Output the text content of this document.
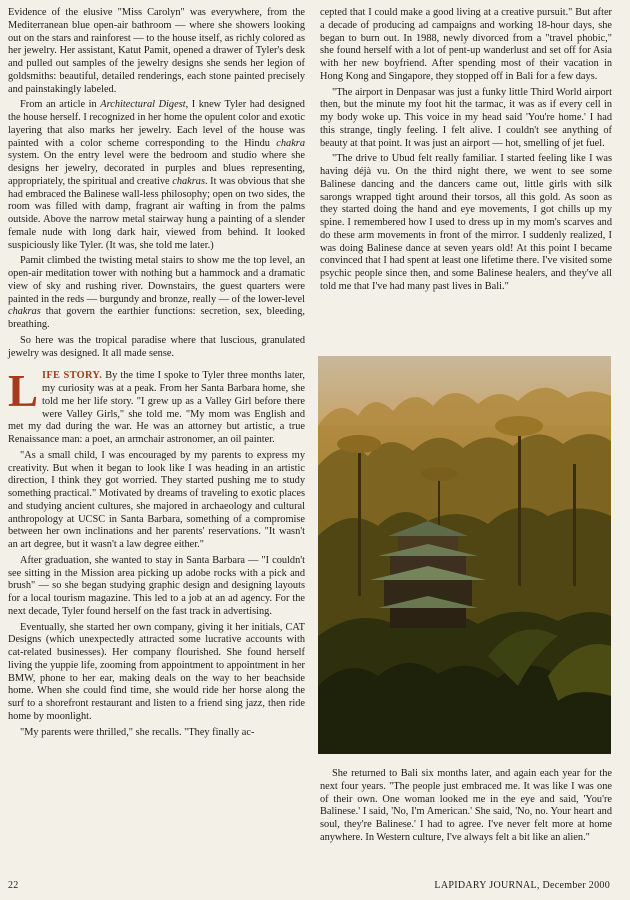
Evidence of the elusive "Miss Carolyn" was everywhere, from the Mediterranean blue open-air bathroom — where she showers looking out on the stars and rainforest — to the house itself, as richly colored as her jewelry. Her assistant, Katut Pamit, opened a drawer of Tyler's desk and pulled out samples of the jewelry designs she sends her legion of goldsmiths: beautiful, detailed renderings, each stone painted precisely and painstakingly labeled.

From an article in Architectural Digest, I knew Tyler had designed the house herself. I recognized in her home the opulent color and exotic layering that also marks her jewelry. Each level of the house was painted with a color scheme corresponding to the Hindu chakra system. On the entry level were the bedroom and studio where she designs her jewelry, decorated in purples and blues representing, appropriately, the spiritual and creative chakras. It was obvious that she had embraced the Balinese wall-less philosophy; open on two sides, the room was filled with damp, fragrant air wafting in from the palms outside. Above the narrow metal stairway hung a painting of a slender female nude with long dark hair, viewed from behind. It looked suspiciously like Tyler. (It was, she told me later.)

Pamit climbed the twisting metal stairs to show me the top level, an open-air meditation tower with nothing but a hammock and a dramatic view of sky and rushing river. Downstairs, the guest quarters were painted in the reds — burgundy and bronze, really — of the lower-level chakras that govern the earthier functions: secretion, sex, bleeding, breathing.

So here was the tropical paradise where that luscious, granulated jewelry was designed. It all made sense.

LIFE STORY. By the time I spoke to Tyler three months later, my curiosity was at a peak. From her Santa Barbara home, she told me her life story. "I grew up as a Valley Girl before there were Valley Girls," she told me. "My mom was English and met my dad during the war. He was an attorney but artistic, a true Renaissance man: a poet, an armchair astronomer, an oil painter.

"As a small child, I was encouraged by my parents to express my creativity. But when it began to look like I was heading in an artistic direction, I think they got worried. They started pushing me to study something practical." Motivated by dreams of traveling to exotic places and studying ancient cultures, she majored in archaeology and cultural anthropology at UCSC in Santa Barbara, something of a compromise between her own inclinations and her parents' reservations. "It wasn't an art degree, but it wasn't a law degree either."

After graduation, she wanted to stay in Santa Barbara — "I couldn't see sitting in the Mission area picking up adobe rocks with a pick and brush" — so she began studying graphic design and designing layouts for a local tourism magazine. This led to a job at an ad agency. For the next decade, Tyler found herself on the fast track in advertising.

Eventually, she started her own company, giving it her initials, CAT Designs (which unexpectedly attracted some lucrative accounts with cat-related businesses). Her company flourished. She found herself living the yuppie life, zooming from appointment to appointment in her BMW, phone to her ear, making deals on the way to her beachside home. When she could find time, she would ride her horse along the surf to a shorefront restaurant and listen to a friend sing jazz, then ride home by moonlight.

"My parents were thrilled," she recalls. "They finally ac-

cepted that I could make a good living at a creative pursuit." But after a decade of producing ad campaigns and working 18-hour days, she began to burn out. In 1988, newly divorced from a "travel phobic," she found herself with a lot of pent-up wanderlust and set off for Asia with her new boyfriend. After spending most of their vacation in Hong Kong and Singapore, they stopped off in Bali for a few days.

"The airport in Denpasar was just a funky little Third World airport then, but the minute my foot hit the tarmac, it was as if every cell in my body woke up. This voice in my head said 'You're home.' I had this strange, tingly feeling. I felt alive. I couldn't see anything of beauty at that point. It was just an airport — hot, smelling of jet fuel.

"The drive to Ubud felt really familiar. I started feeling like I was having déjà vu. On the third night there, we went to see some Balinese dancing and the dancers came out, little girls with silk sarongs wrapped tight around their torsos, all this gold. As soon as they started doing the hand and eye movements, I got chills up my spine. I remembered how I used to dress up in my mom's scarves and do these arm movements in front of the mirror. I suddenly realized, I was doing Balinese dance at seven years old! At this point I became convinced that I had spent at least one lifetime there. I've visited some psychic people since then, and some Balinese healers, and they've all told me that I've had many past lives in Bali."

She returned to Bali six months later, and again each year for the next four years. "The people just embraced me. It was like I was one of their own. One woman looked me in the eye and said, 'You're Balinese.' I said, 'No, I'm American.' She said, 'No, no. Your heart and soul, they're Balinese.' I had to agree. I've never felt more at home anywhere. In Western culture, I've always felt a bit like an alien."

22	LAPIDARY JOURNAL, December 2000
